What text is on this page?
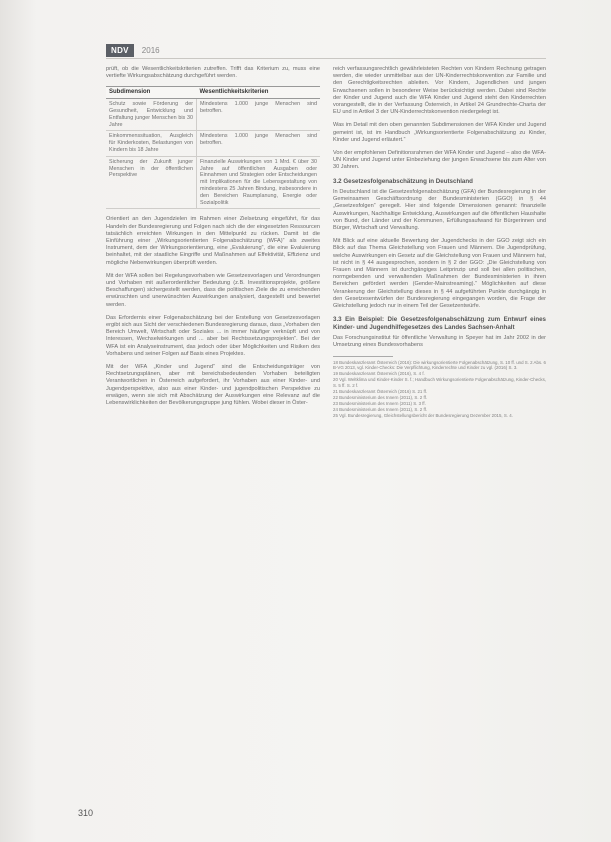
NDV	2016

prüft, ob die Wesentlichkeitskriterien zutreffen. Trifft das Kriterium zu, muss eine vertiefte Wirkungsabschätzung durchgeführt werden.

Subdimension	Wesentlichkeitskriterien
Schutz sowie Förderung der Gesundheit, Entwicklung und Entfaltung junger Menschen bis 30 Jahre	Mindestens 1.000 junge Menschen sind betroffen.
Einkommenssituation, Ausgleich für Kinderkosten, Belastungen von Kindern bis 18 Jahre	Mindestens 1.000 junge Menschen sind betroffen.
Sicherung der Zukunft junger Menschen in der öffentlichen Perspektive	Finanzielle Auswirkungen von 1 Mrd. € über 30 Jahre auf öffentlichen Ausgaben oder Einnahmen und Strategien oder Entscheidungen mit Implikationen für die Lebensgestaltung von mindestens 25 Jahren Bindung, insbesondere in den Bereichen Raumplanung, Energie oder Sozialpolitik

Orientiert an den Jugendzielen im Rahmen einer Zielsetzung eingeführt, für das Handeln der Bundesregierung und Folgen nach sich die der eingesetzten Ressourcen tatsächlich erreichten Wirkungen in den Mittelpunkt zu rücken. Damit ist die Einführung einer „Wirkungsorientierten Folgenabschätzung (WFA)“ als zweites Instrument, dem der Wirkungsorientierung, eine „Evaluierung“, die eine Evaluierung beinhaltet, mit der staatliche Eingriffe und Maßnahmen auf Effektivität, Effizienz und mögliche Nebenwirkungen überprüft werden.

Mit der WFA sollen bei Regelungsvorhaben wie Gesetzesvorlagen und Verordnungen und Vorhaben mit außerordentlicher Bedeutung (z.B. Investitionsprojekte, größere Beschaffungen) sichergestellt werden, dass die politischen Ziele die zu erreichenden erwünschten und unerwünschten Auswirkungen analysiert, dargestellt und bewertet werden.

Das Erfordernis einer Folgenabschätzung bei der Erstellung von Gesetzesvorlagen ergibt sich aus Sicht der verschiedenen Bundesregierung daraus, dass „Vorhaben den Bereich Umwelt, Wirtschaft oder Soziales ... in immer häufiger verknüpft und von Interessen, Wechselwirkungen und ... aber bei Rechtssetzungsprojekten“. Bei der WFA ist ein Analyseinstrument, das jedoch oder über Möglichkeiten und Risiken des Vorhabens und seiner Folgen auf Basis eines Projektes.

Mit der WFA „Kinder und Jugend“ sind die Entscheidungsträger von Rechtsetzungsplänen, aber mit bereichsbedeutenden Vorhaben beteiligten Verantwortlichen in Österreich aufgefordert, ihr Vorhaben aus einer Kinder- und Jugendperspektive, also aus einer Kinder- und jugendpolitischen Perspektive zu erwägen, wenn sie sich mit Abschätzung der Auswirkungen eine Relevanz auf die Lebenswirklichkeiten der Bevölkerungsgruppe jung fühlen. Wobei dieser in Öster-

reich verfassungsrechtlich gewährleisteten Rechten von Kindern Rechnung getragen werden, die wieder unmittelbar aus der UN-Kinderrechtskonvention zur Familie und den Gerechtigkeitsrechten ableiten. Vor Kindern, Jugendlichen und jungen Erwachsenen sollen in besonderer Weise berücksichtigt werden. Dabei sind Rechte der Kinder und Jugend auch die WFA Kinder und Jugend steht den Kinderrechten vorangestellt, die in der Verfassung Österreich, in Artikel 24 Grundrechte-Charta der EU und in Artikel 3 der UN-Kinderrechtskonvention niedergelegt ist.

Was im Detail mit den oben genannten Subdimensionen der WFA Kinder und Jugend gemeint ist, ist im Handbuch „Wirkungsorientierte Folgenabschätzung zu Kinder, Kinder und Jugend erläutert.“

Von der empfohlenen Definitionsrahmen der WFA Kinder und Jugend – also die WFA-UN Kinder und Jugend unter Einbeziehung der jungen Erwachsene bis zum Alter von 30 Jahren.

3.2 Gesetzesfolgenabschätzung in Deutschland

In Deutschland ist die Gesetzesfolgenabschätzung (GFA) der Bundesregierung in der Gemeinsamen Geschäftsordnung der Bundesministerien (GGO) in § 44 „Gesetzesfolgen“ geregelt. Hier sind folgende Dimensionen genannt: finanzielle Auswirkungen, Nachhaltige Entwicklung, Auswirkungen auf die öffentlichen Haushalte von Bund, der Länder und der Kommunen, Erfüllungsaufwand für Bürgerinnen und Bürger, Wirtschaft und Verwaltung.

Mit Blick auf eine aktuelle Bewertung der Jugendchecks in der GGO zeigt sich ein Blick auf das Thema Gleichstellung von Frauen und Männern. Die Jugendprüfung, welche Auswirkungen ein Gesetz auf die Gleichstellung von Frauen und Männern hat, ist nicht in § 44 ausgesprochen, sondern in § 2 der GGO: „Die Gleichstellung von Frauen und Männern ist durchgängiges Leitprinzip und soll bei allen politischen, normgebenden und verwaltenden Maßnahmen der Bundesministerien in ihren Bereichen gefördert werden (Gender-Mainstreaming).“ Möglichkeiten auf diese Verankerung der Gleichstellung dieses in § 44 aufgeführten Punkte durchgängig in den Gesetzesentwürfen der Bundesregierung eingegangen worden, die Frage der Gleichstellung jedoch nur in einem Teil der Gesetzentwürfe.

3.3 Ein Beispiel: Die Gesetzesfolgenabschätzung zum Entwurf eines Kinder- und Jugendhilfegesetzes des Landes Sachsen-Anhalt

Das Forschungsinstitut für öffentliche Verwaltung in Speyer hat im Jahr 2002 in der Umsetzung eines Bundesvorhabens

18 Bundeskanzleramt Österreich (2016): Die wirkungsorientierte Folgenabschätzung, S. 10 ff. und S. 2 Abs. 6 B-VG 2013, vgl. Kinder-Checks: Die Verpflichtung, Kinderrechte und Kinder zu vgl. (2016) S. 3.
19 Bundeskanzleramt Österreich (2016), S. 4 f.
20 Vgl. Weltklima und Kinder-Kinder S. f.; Handbuch Wirkungsorientierte Folgenabschätzung, Kinder-Checks, S. 5 ff. S. 2 f.
21 Bundeskanzleramt Österreich (2016) S. 21 ff.
22 Bundesministerium des Innern (2011), S. 2 ff.
23 Bundesministerium des Innern (2011) S. 3 ff.
24 Bundesministerium des Innern (2011), S. 2 ff.
25 Vgl. Bundesregierung, Gleichstellungsbericht der Bundesregierung Dezember 2015, S. 4.
310
